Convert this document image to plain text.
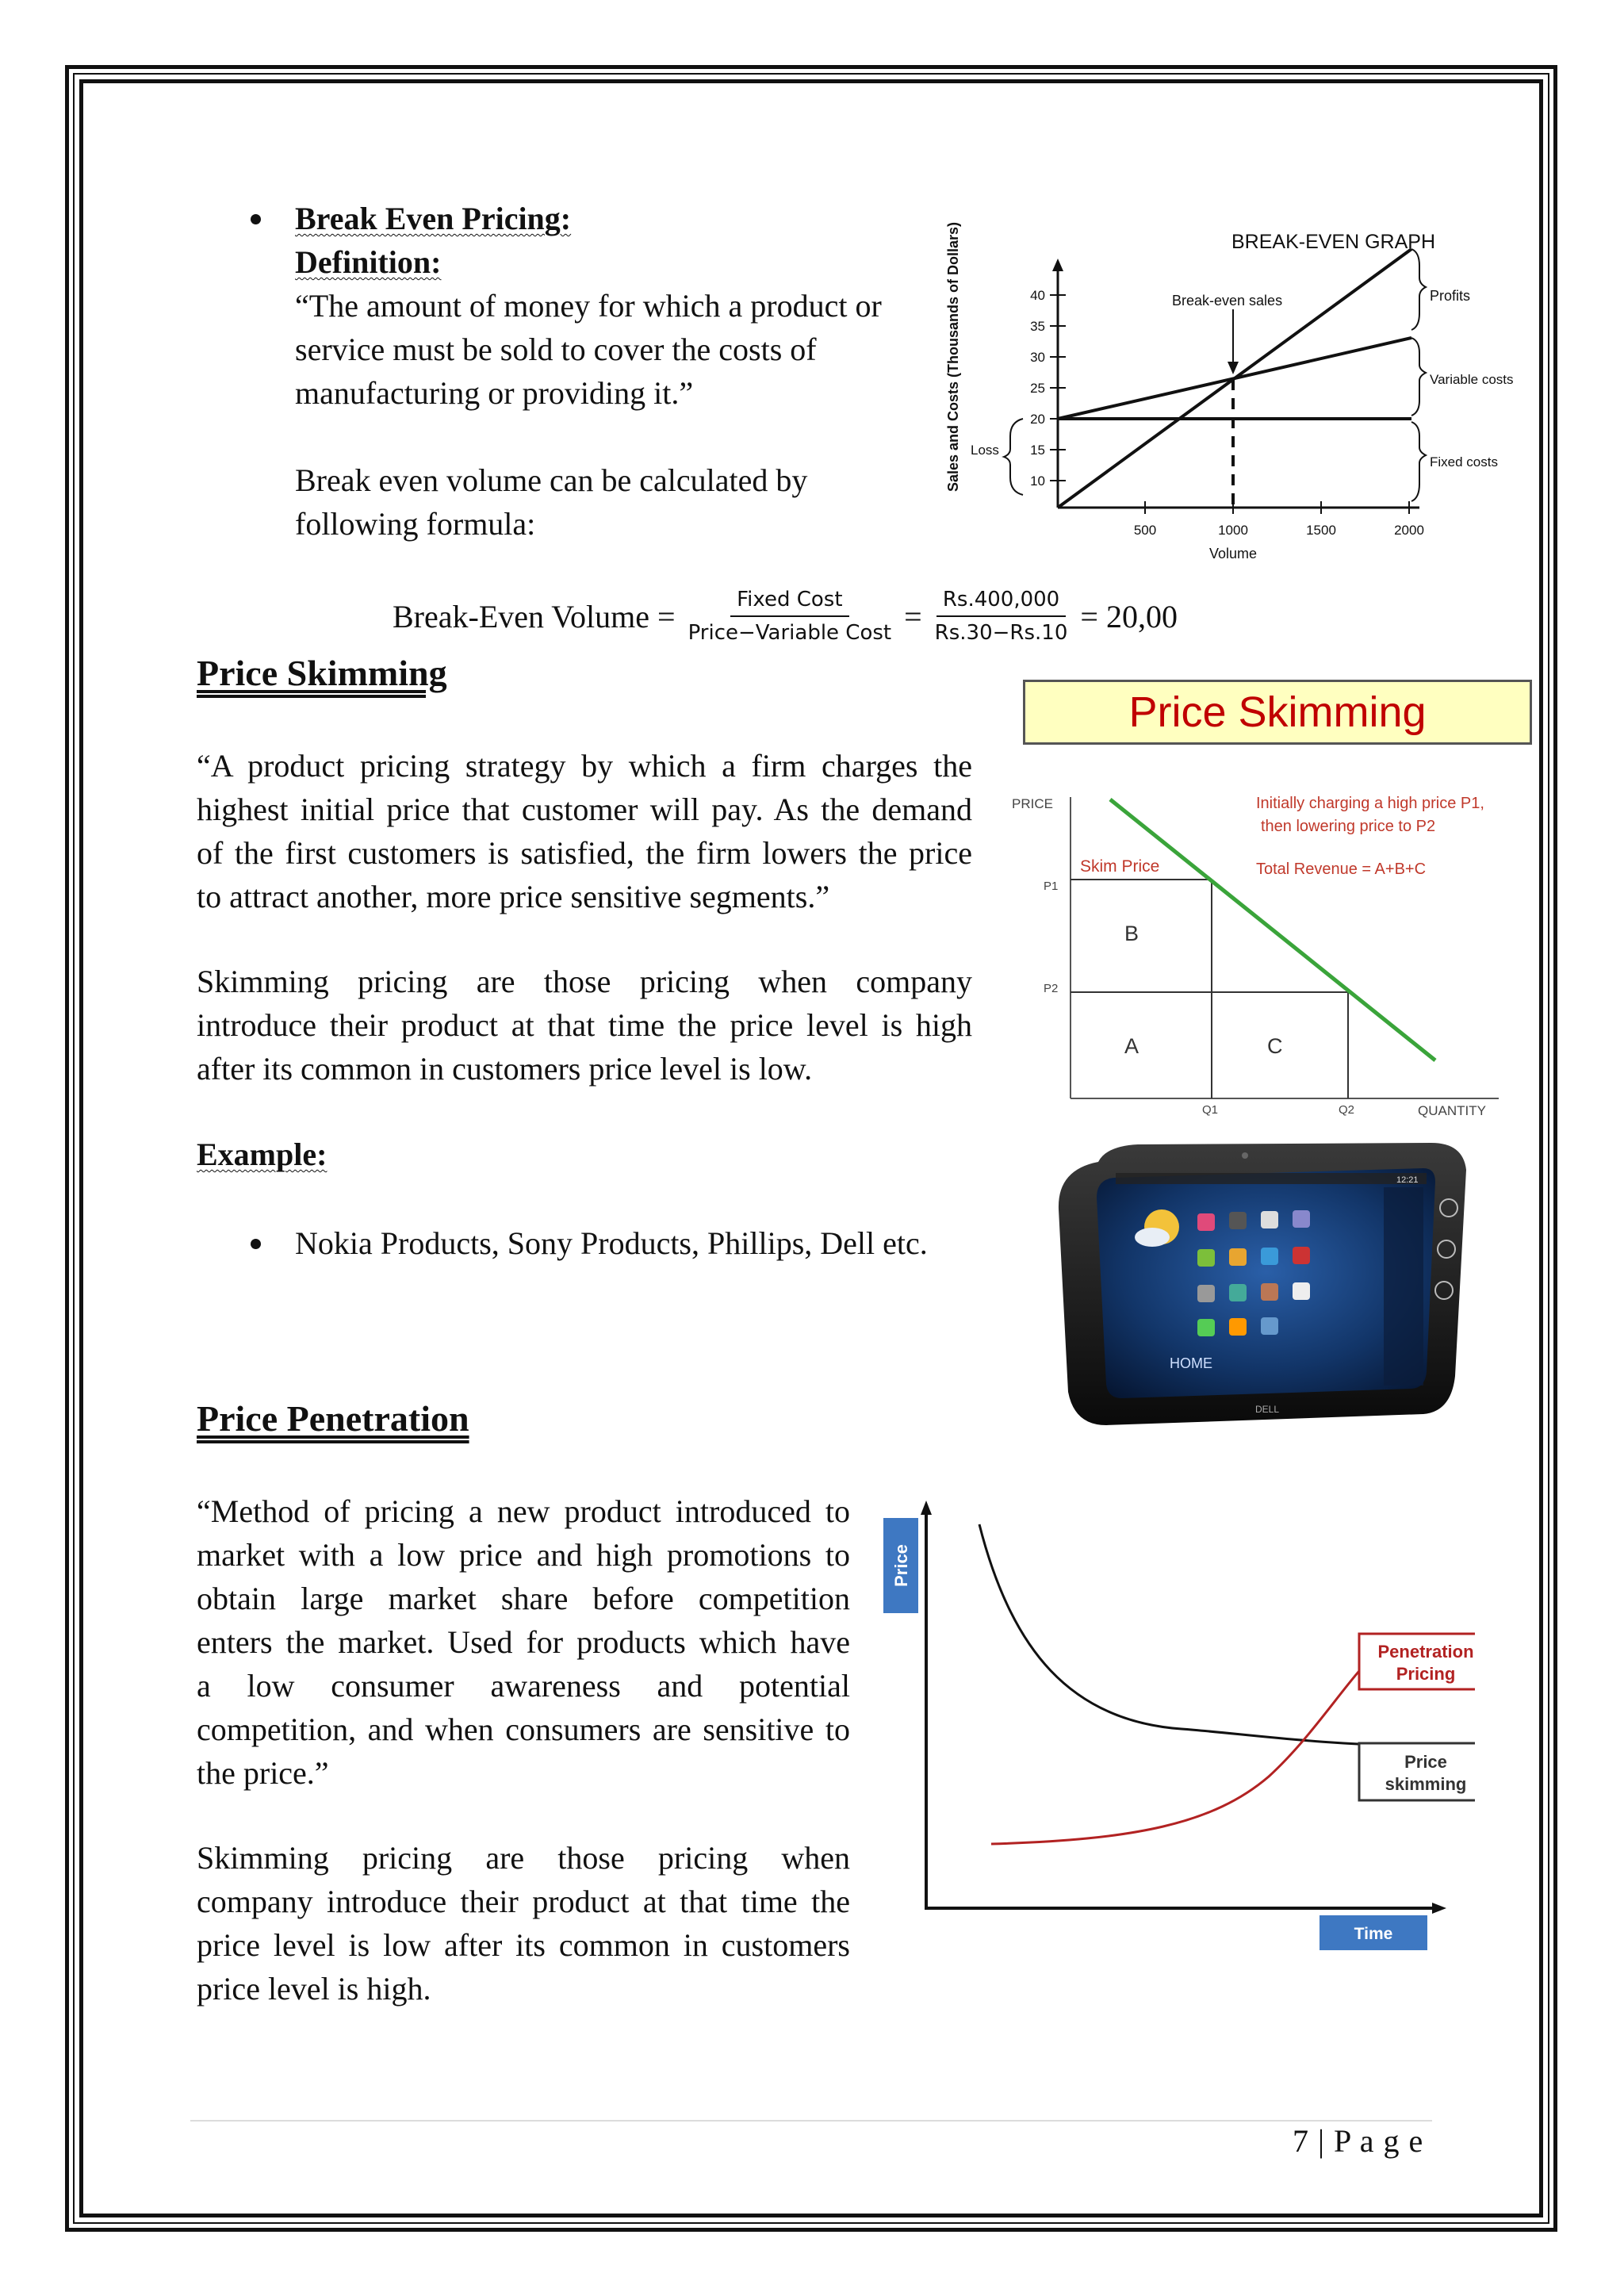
Break Even Pricing:
Definition:
“The amount of money for which a product or
service must be sold to cover the costs of
manufacturing or providing it.”
Break even volume can be calculated by
following formula:
BREAK-EVEN GRAPH
Sales and Costs (Thousands of Dollars)	10
15
20
25
30
35
40
500	1000	1500	2000
Volume
Break-even sales
Loss
Profits
Variable costs
Fixed costs
Break-Even Volume = $\frac{\text{Fixed Cost}}{\text{Price−Variable Cost}} = \frac{Rs.400,000}{Rs.30-Rs.10} = 20,00$
Price Skimming
“A product pricing strategy by which a firm charges the
highest initial price that customer will pay. As the demand
of the first customers is satisfied, the firm lowers the price
to attract another, more price sensitive segments.”
Skimming pricing are those pricing when company
introduce their product at that time the price level is high
after its common in customers price level is low.
Example:
Nokia Products, Sony Products, Phillips, Dell etc.
Price Skimming
PRICE
P1
P2
Q1	Q2	QUANTITY
Skim Price
Initially charging a high price P1,
then lowering price to P2
Total Revenue = A+B+C
B
A	C
12:21
HOME
DELL
Price Penetration
“Method of pricing a new product introduced to
market with a low price and high promotions to
obtain large market share before competition
enters the market. Used for products which have
a low consumer awareness and potential
competition, and when consumers are sensitive to
the price.”
Skimming pricing are those pricing when
company introduce their product at that time the
price level is low after its common in customers
price level is high.
Price
Penetration
Pricing
Price
skimming
Time
7 | P a g e
